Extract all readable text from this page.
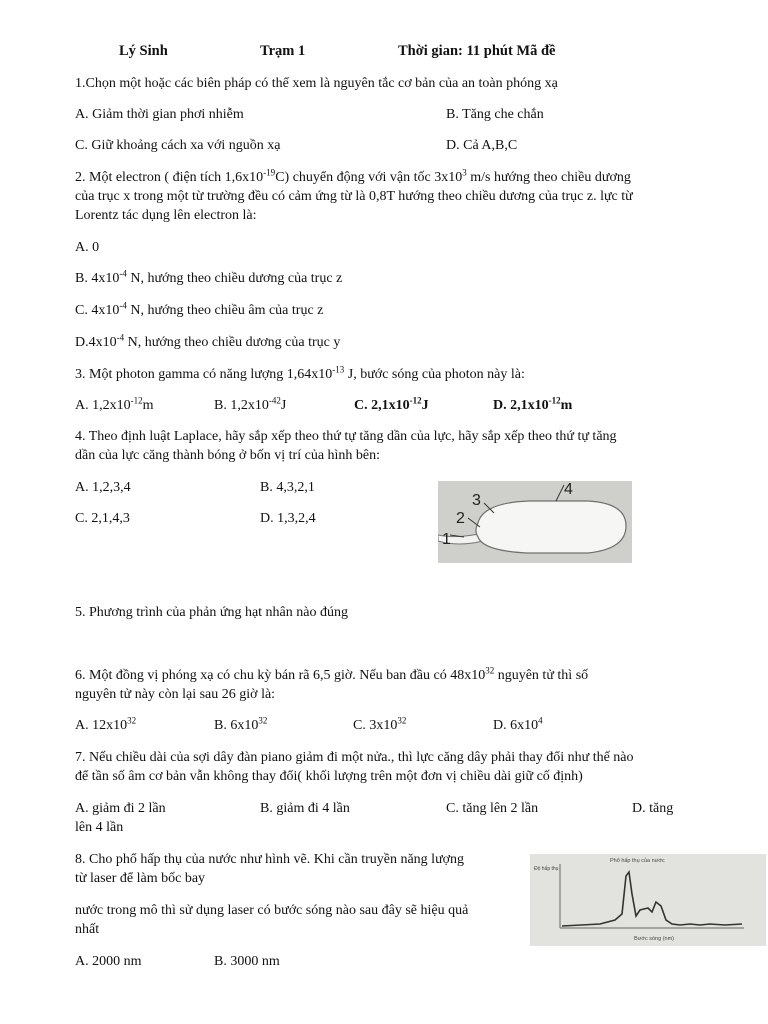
Lý Sinh	Trạm 1	Thời gian: 11 phút Mã đề
1.Chọn một hoặc các biên pháp có thể xem là nguyên tắc cơ bản của an toàn phóng xạ
A. Giảm thời gian phơi nhiễm	B. Tăng che chắn
C. Giữ khoảng cách xa với nguồn xạ	D. Cả A,B,C
2. Một electron ( điện tích $1,6x10^{-19}C$) chuyển động với vận tốc $3x10^3$ m/s hướng theo chiều dương
của trục x trong một từ trường đều có cảm ứng từ là 0,8T hướng theo chiều dương của trục z. lực từ
Lorentz tác dụng lên electron là:
A. 0
B. $4x10^{-4}$ N, hướng theo chiều dương của trục z
C. $4x10^{-4}$ N, hướng theo chiều âm của trục z
$D.4x10^{-4}$ N, hướng theo chiều dương của trục y
3. Một photon gamma có năng lượng $1,64x10^{-13}$ J, bước sóng của photon này là:
A. $1,2x10^{-12}m$	B. $1,2x10^{-42}J$	C. $2,1x10^{-12}J$	D. $2,1x10^{-12}m$
4. Theo định luật Laplace, hãy sắp xếp theo thứ tự tăng dần của lực, hãy sắp xếp theo thứ tự tăng
dần của lực căng thành bóng ở bốn vị trí của hình bên:
A. 1,2,3,4	B. 4,3,2,1
C. 2,1,4,3	D. 1,3,2,4
1
2
3
4
5. Phương trình của phản ứng hạt nhân nào đúng
6. Một đồng vị phóng xạ có chu kỳ bán rã 6,5 giờ. Nếu ban đầu có $48x10^{32}$ nguyên tử thì số
nguyên tử này còn lại sau 26 giờ là:
A. $12x10^{32}$	B. $6x10^{32}$	C. $3x10^{32}$	D. $6x10^4$
7. Nếu chiều dài của sợi dây đàn piano giảm đi một nửa., thì lực căng dây phải thay đổi như thế nào
để tần số âm cơ bản vẫn không thay đổi( khối lượng trên một đơn vị chiều dài giữ cố định)
A. giảm đi 2 lần	B. giảm đi 4 lần	C. tăng lên 2 lần	D. tăng
lên 4 lần
8. Cho phổ hấp thụ của nước như hình vẽ. Khi cần truyền năng lượng
từ laser để làm bốc bay
nước trong mô thì sử dụng laser có bước sóng nào sau đây sẽ hiệu quả
nhất
A. 2000 nm	B. 3000 nm
Phổ hấp thụ của nước
Độ hấp thụ
Bước sóng (nm)
